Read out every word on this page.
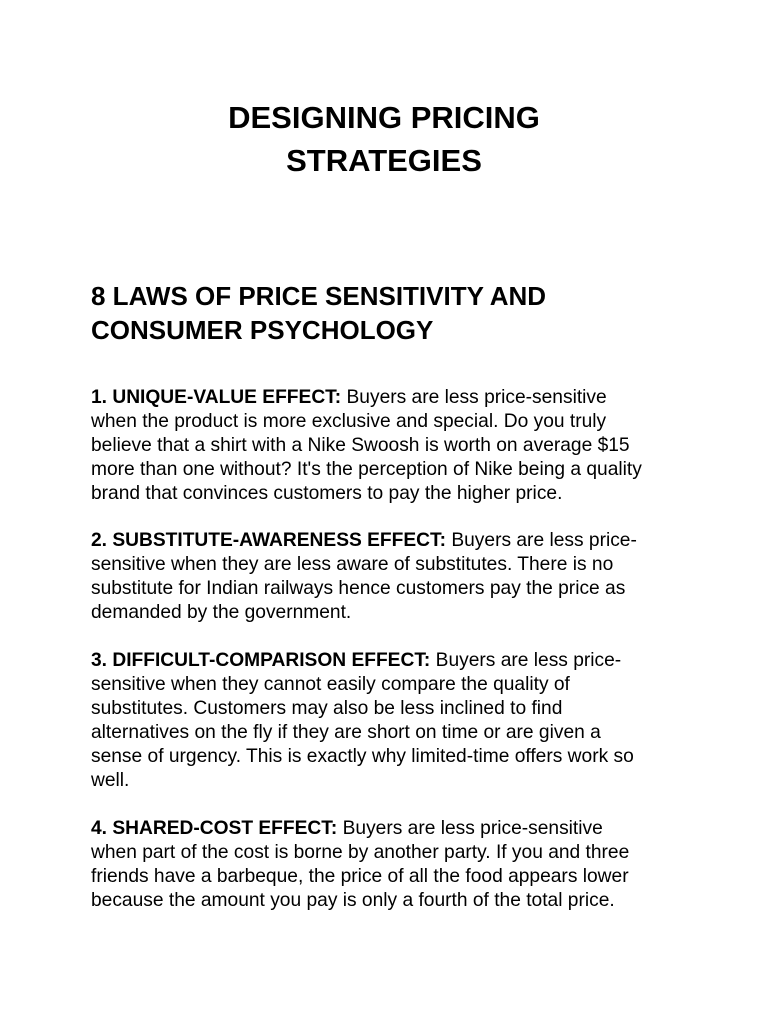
DESIGNING PRICING
STRATEGIES
8 LAWS OF PRICE SENSITIVITY AND
CONSUMER PSYCHOLOGY

1. UNIQUE-VALUE EFFECT: Buyers are less price-sensitive
when the product is more exclusive and special. Do you truly
believe that a shirt with a Nike Swoosh is worth on average $15
more than one without? It's the perception of Nike being a quality
brand that convinces customers to pay the higher price.

2. SUBSTITUTE-AWARENESS EFFECT: Buyers are less price-
sensitive when they are less aware of substitutes. There is no
substitute for Indian railways hence customers pay the price as
demanded by the government.

3. DIFFICULT-COMPARISON EFFECT: Buyers are less price-
sensitive when they cannot easily compare the quality of
substitutes. Customers may also be less inclined to find
alternatives on the fly if they are short on time or are given a
sense of urgency. This is exactly why limited-time offers work so
well.

4. SHARED-COST EFFECT: Buyers are less price-sensitive
when part of the cost is borne by another party. If you and three
friends have a barbeque, the price of all the food appears lower
because the amount you pay is only a fourth of the total price.
